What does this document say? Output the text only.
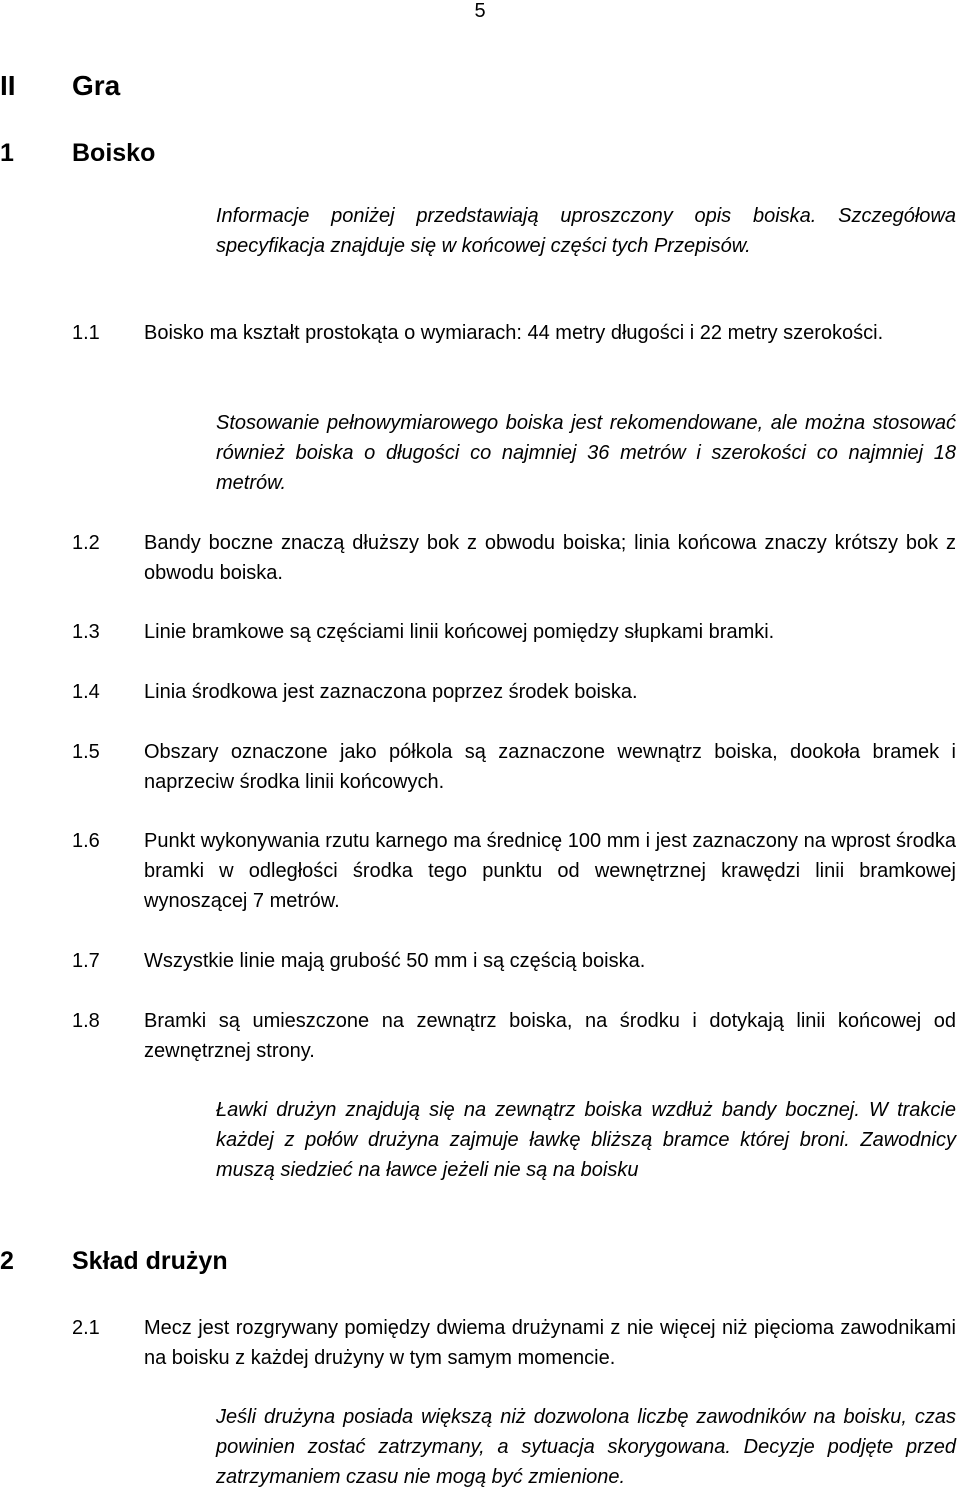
5
II Gra
1 Boisko
Informacje poniżej przedstawiają uproszczony opis boiska. Szczegółowa specyfikacja znajduje się w końcowej części tych Przepisów.
1.1 Boisko ma kształt prostokąta o wymiarach: 44 metry długości i 22 metry szerokości.
Stosowanie pełnowymiarowego boiska jest rekomendowane, ale można stosować również boiska o długości co najmniej 36 metrów i szerokości co najmniej 18 metrów.
1.2 Bandy boczne znaczą dłuższy bok z obwodu boiska; linia końcowa znaczy krótszy bok z obwodu boiska.
1.3 Linie bramkowe są częściami linii końcowej pomiędzy słupkami bramki.
1.4 Linia środkowa jest zaznaczona poprzez środek boiska.
1.5 Obszary oznaczone jako półkola są zaznaczone wewnątrz boiska, dookoła bramek i naprzeciw środka linii końcowych.
1.6 Punkt wykonywania rzutu karnego ma średnicę 100 mm i jest zaznaczony na wprost środka bramki w odległości środka tego punktu od wewnętrznej krawędzi linii bramkowej wynoszącej 7 metrów.
1.7 Wszystkie linie mają grubość 50 mm i są częścią boiska.
1.8 Bramki są umieszczone na zewnątrz boiska, na środku i dotykają linii końcowej od zewnętrznej strony.
Ławki drużyn znajdują się na zewnątrz boiska wzdłuż bandy bocznej. W trakcie każdej z połów drużyna zajmuje ławkę bliższą bramce której broni. Zawodnicy muszą siedzieć na ławce jeżeli nie są na boisku
2 Skład drużyn
2.1 Mecz jest rozgrywany pomiędzy dwiema drużynami z nie więcej niż pięcioma zawodnikami na boisku z każdej drużyny w tym samym momencie.
Jeśli drużyna posiada większą niż dozwolona liczbę zawodników na boisku, czas powinien zostać zatrzymany, a sytuacja skorygowana. Decyzje podjęte przed zatrzymaniem czasu nie mogą być zmienione.
